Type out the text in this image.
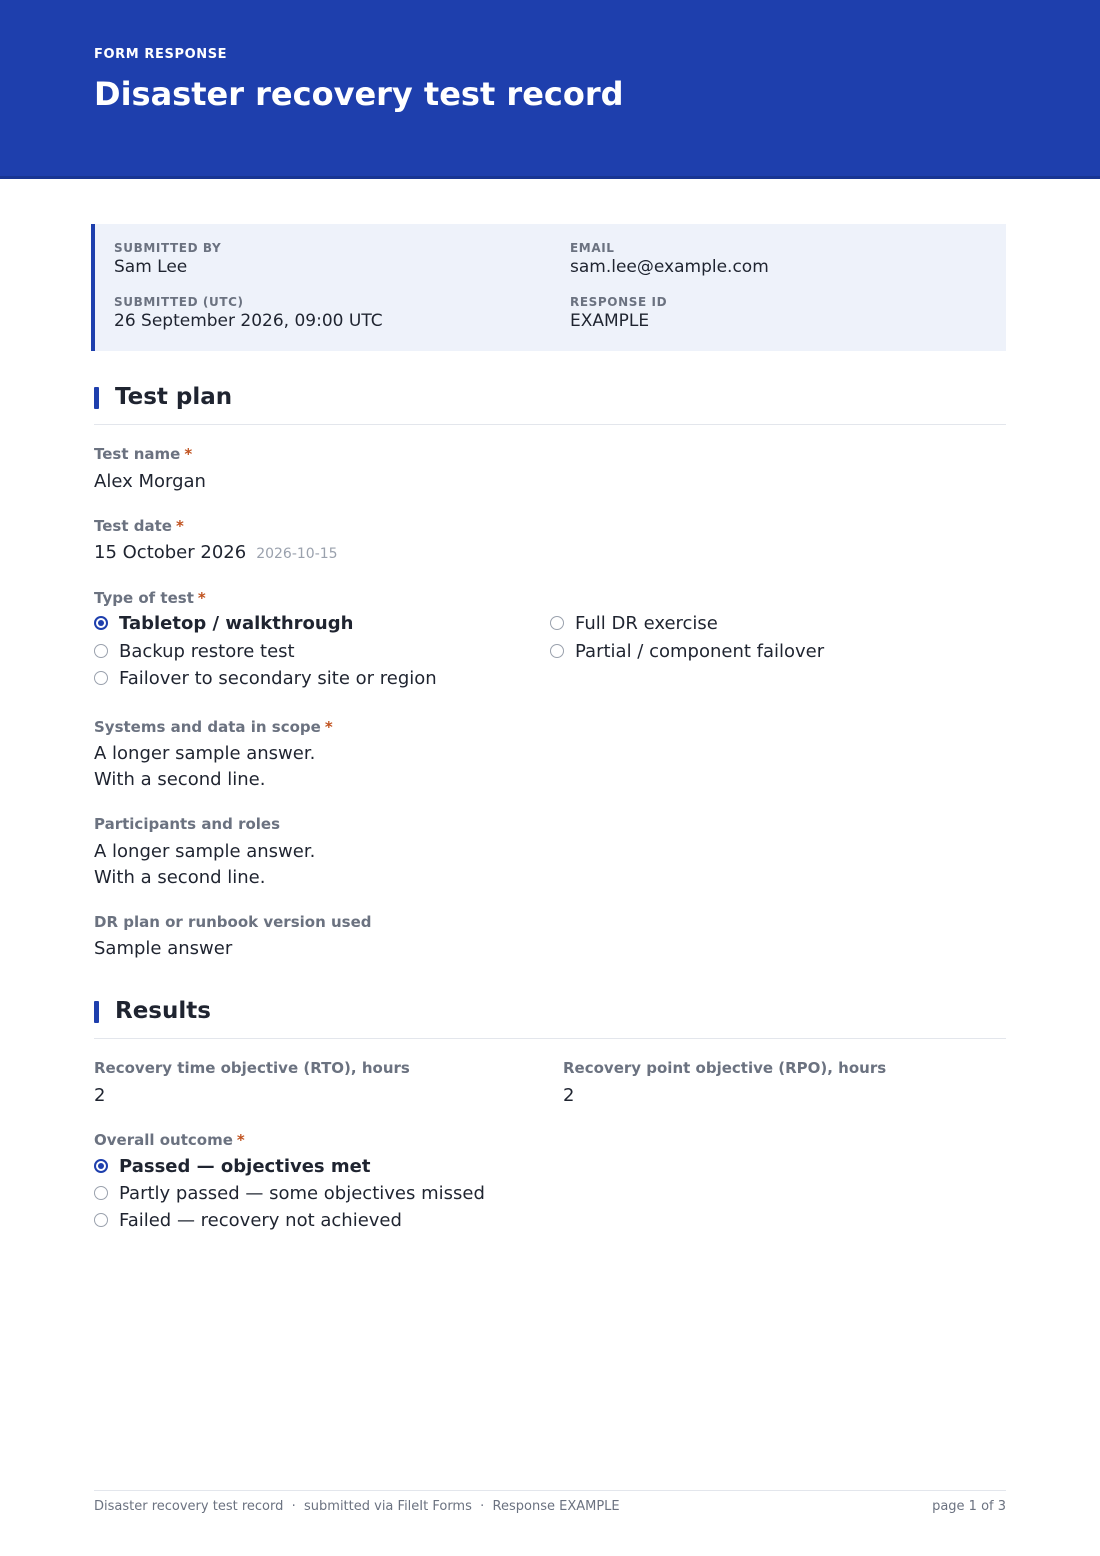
FORM RESPONSE
Disaster recovery test record
SUBMITTED BY
Sam Lee
EMAIL
sam.lee@example.com
SUBMITTED (UTC)
26 September 2026, 09:00 UTC
RESPONSE ID
EXAMPLE
Test plan
Test name *
Alex Morgan
Test date *
15 October 2026 2026-10-15
Type of test *
Tabletop / walkthrough
Backup restore test
Failover to secondary site or region
Full DR exercise
Partial / component failover
Systems and data in scope *
A longer sample answer.
With a second line.
Participants and roles
A longer sample answer.
With a second line.
DR plan or runbook version used
Sample answer
Results
Recovery time objective (RTO), hours
2
Recovery point objective (RPO), hours
2
Overall outcome *
Passed — objectives met
Partly passed — some objectives missed
Failed — recovery not achieved
Disaster recovery test record  ·  submitted via FileIt Forms  ·  Response EXAMPLE	page 1 of 3
